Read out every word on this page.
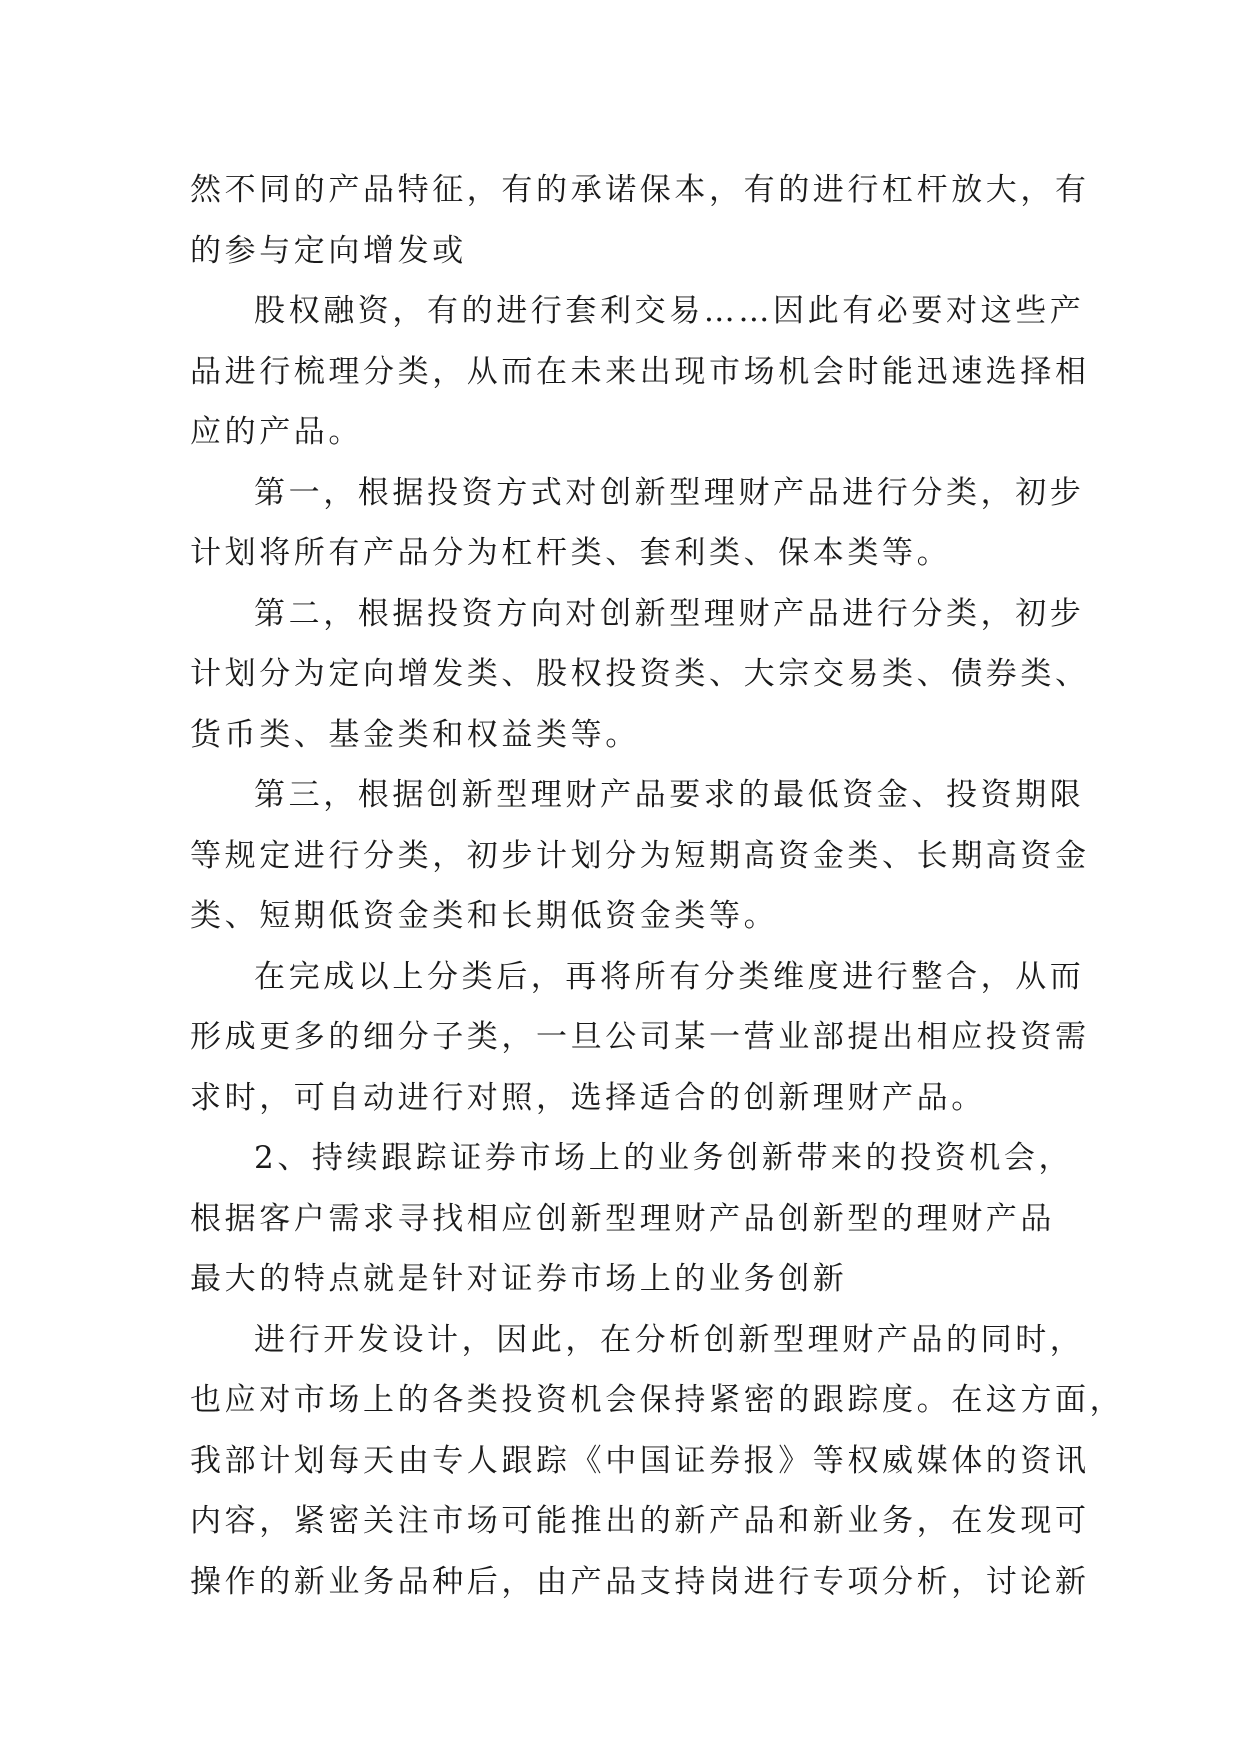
然不同的产品特征，有的承诺保本，有的进行杠杆放大，有
的参与定向增发或
股权融资，有的进行套利交易……因此有必要对这些产
品进行梳理分类，从而在未来出现市场机会时能迅速选择相
应的产品。
第一，根据投资方式对创新型理财产品进行分类，初步
计划将所有产品分为杠杆类、套利类、保本类等。
第二，根据投资方向对创新型理财产品进行分类，初步
计划分为定向增发类、股权投资类、大宗交易类、债券类、
货币类、基金类和权益类等。
第三，根据创新型理财产品要求的最低资金、投资期限
等规定进行分类，初步计划分为短期高资金类、长期高资金
类、短期低资金类和长期低资金类等。
在完成以上分类后，再将所有分类维度进行整合，从而
形成更多的细分子类，一旦公司某一营业部提出相应投资需
求时，可自动进行对照，选择适合的创新理财产品。
2、持续跟踪证券市场上的业务创新带来的投资机会，
根据客户需求寻找相应创新型理财产品创新型的理财产品
最大的特点就是针对证券市场上的业务创新
进行开发设计，因此，在分析创新型理财产品的同时，
也应对市场上的各类投资机会保持紧密的跟踪度。在这方面，
我部计划每天由专人跟踪《中国证券报》等权威媒体的资讯
内容，紧密关注市场可能推出的新产品和新业务，在发现可
操作的新业务品种后，由产品支持岗进行专项分析，讨论新
